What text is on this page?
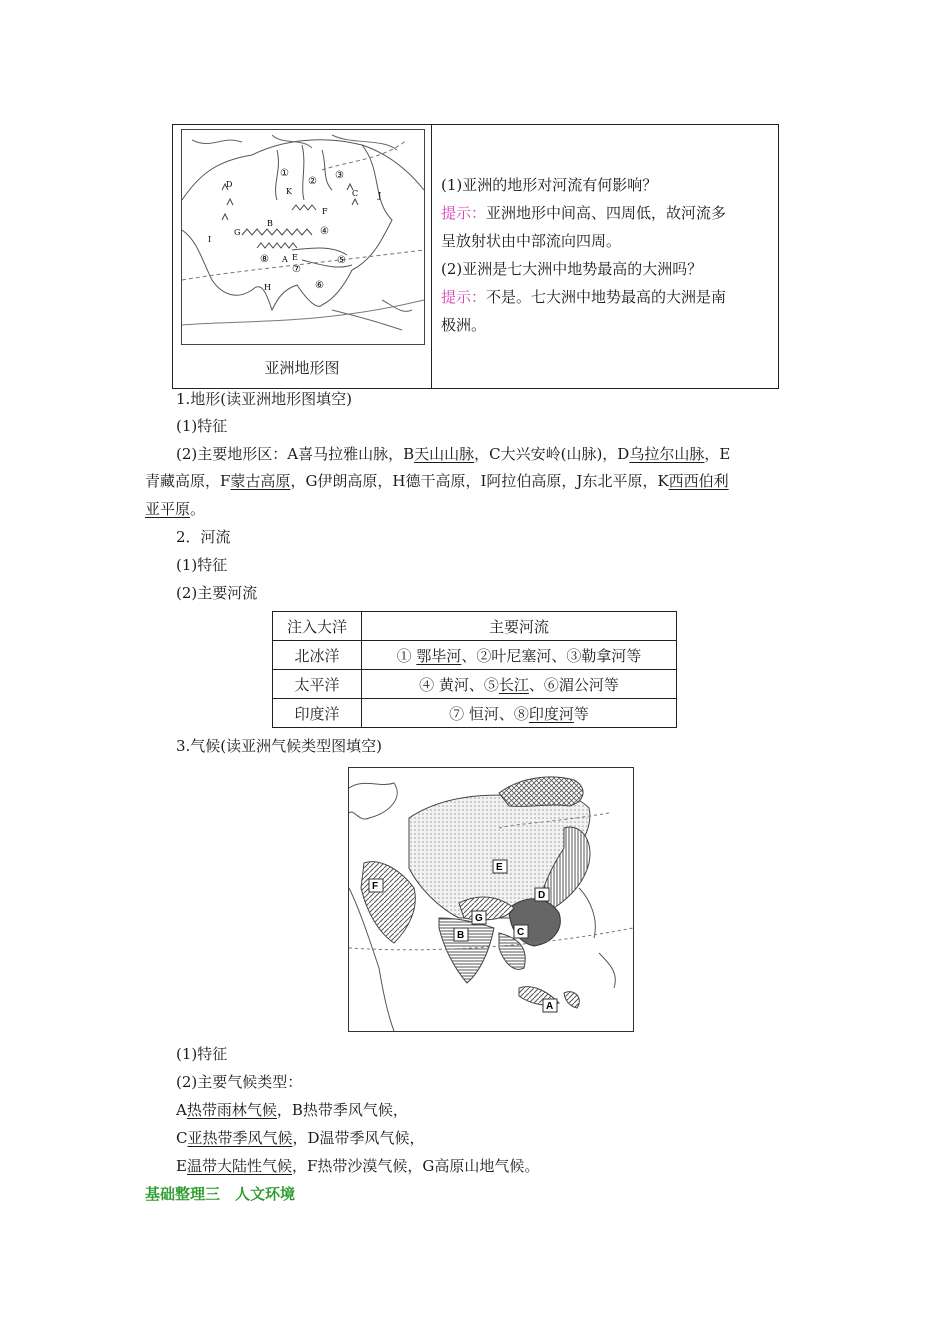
①
②
③
④
⑤
⑥
⑦
⑧ A
B
C
D
E
F
G
H
I
J
K
亚洲地形图
(1)亚洲的地形对河流有何影响？
提示：亚洲地形中间高、四周低，故河流多
呈放射状由中部流向四周。
(2)亚洲是七大洲中地势最高的大洲吗？
提示：不是。七大洲中地势最高的大洲是南
极洲。
1.地形(读亚洲地形图填空)
(1)特征
(2)主要地形区：A喜马拉雅山脉，B天山山脉，C大兴安岭(山脉)，D乌拉尔山脉，E
青藏高原，F蒙古高原，G伊朗高原，H德干高原，I阿拉伯高原，J东北平原，K西西伯利
亚平原。
2．河流
(1)特征
(2)主要河流
注入大洋	主要河流
北冰洋	① 鄂毕河、②叶尼塞河、③勒拿河等
太平洋	④ 黄河、⑤长江、⑥湄公河等
印度洋	⑦ 恒河、⑧印度河等
3.气候(读亚洲气候类型图填空)
E
D
C
G
B
F
A
(1)特征
(2)主要气候类型：
A热带雨林气候，B热带季风气候，
C亚热带季风气候，D温带季风气候，
E温带大陆性气候，F热带沙漠气候，G高原山地气候。
基础整理三　人文环境
